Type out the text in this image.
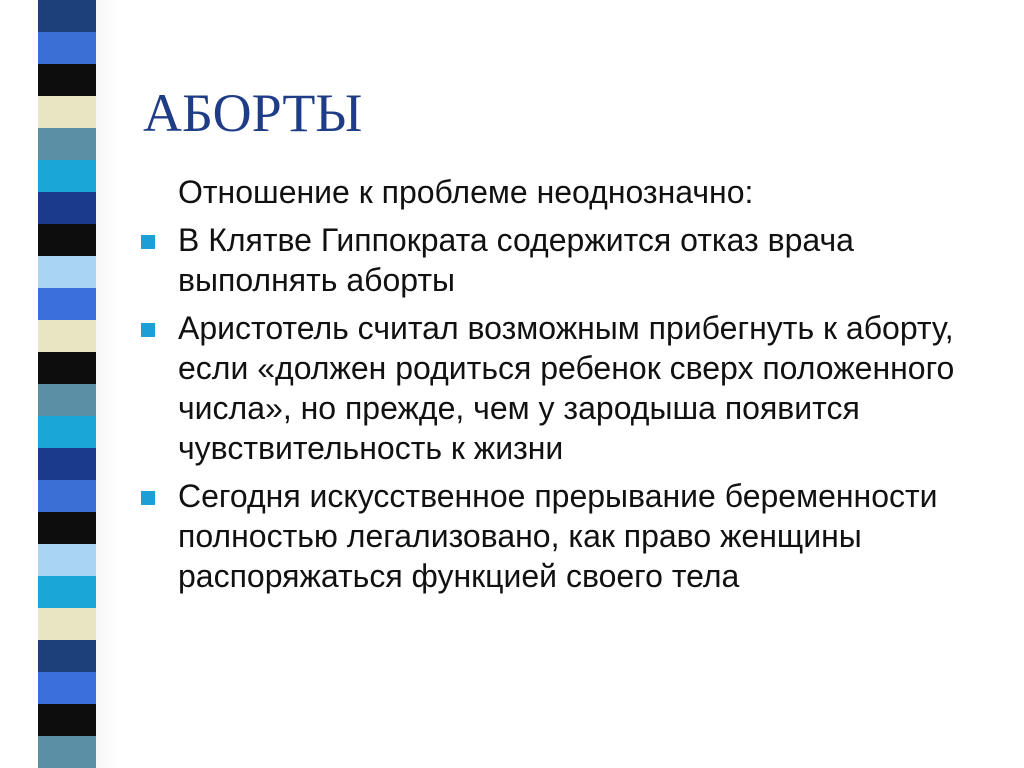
АБОРТЫ
Отношение к проблеме неоднозначно:
В Клятве Гиппократа содержится отказ врача выполнять аборты
Аристотель считал возможным прибегнуть к аборту, если «должен родиться ребенок сверх положенного числа», но прежде, чем у зародыша появится чувствительность к жизни
Сегодня искусственное прерывание беременности полностью легализовано, как право женщины распоряжаться функцией своего тела
